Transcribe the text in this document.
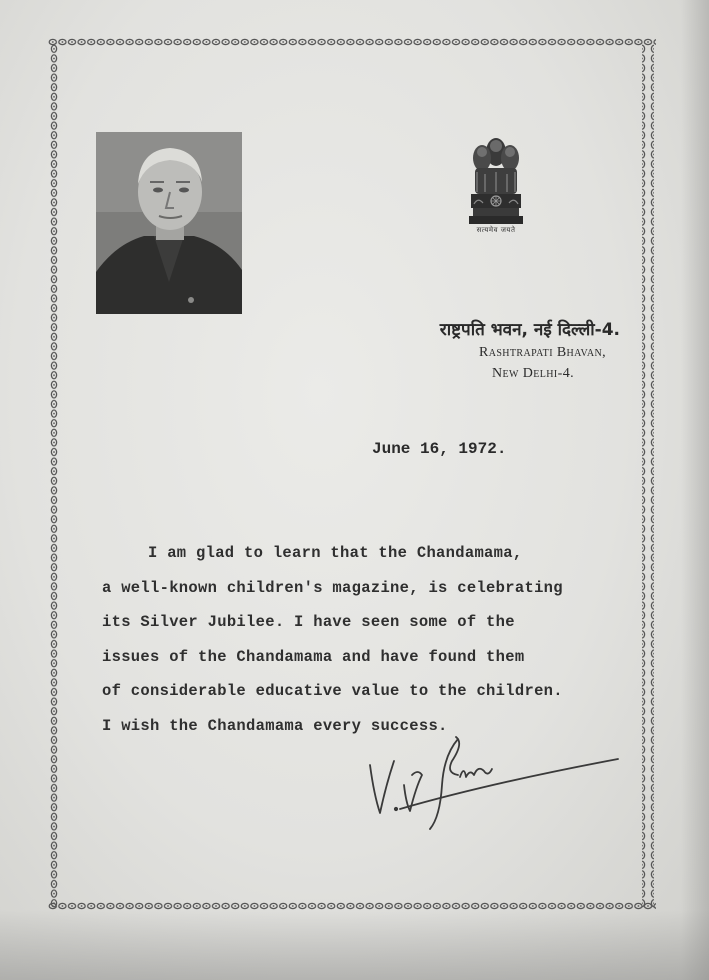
सत्यमेव जयते
राष्ट्रपति भवन, नई दिल्ली-4.
Rashtrapati Bhavan,
New Delhi-4.
June 16, 1972.

I am glad to learn that the Chandamama,

a well-known children's magazine, is celebrating

its Silver Jubilee. I have seen some of the

issues of the Chandamama and have found them

of considerable educative value to the children.

I wish the Chandamama every success.
